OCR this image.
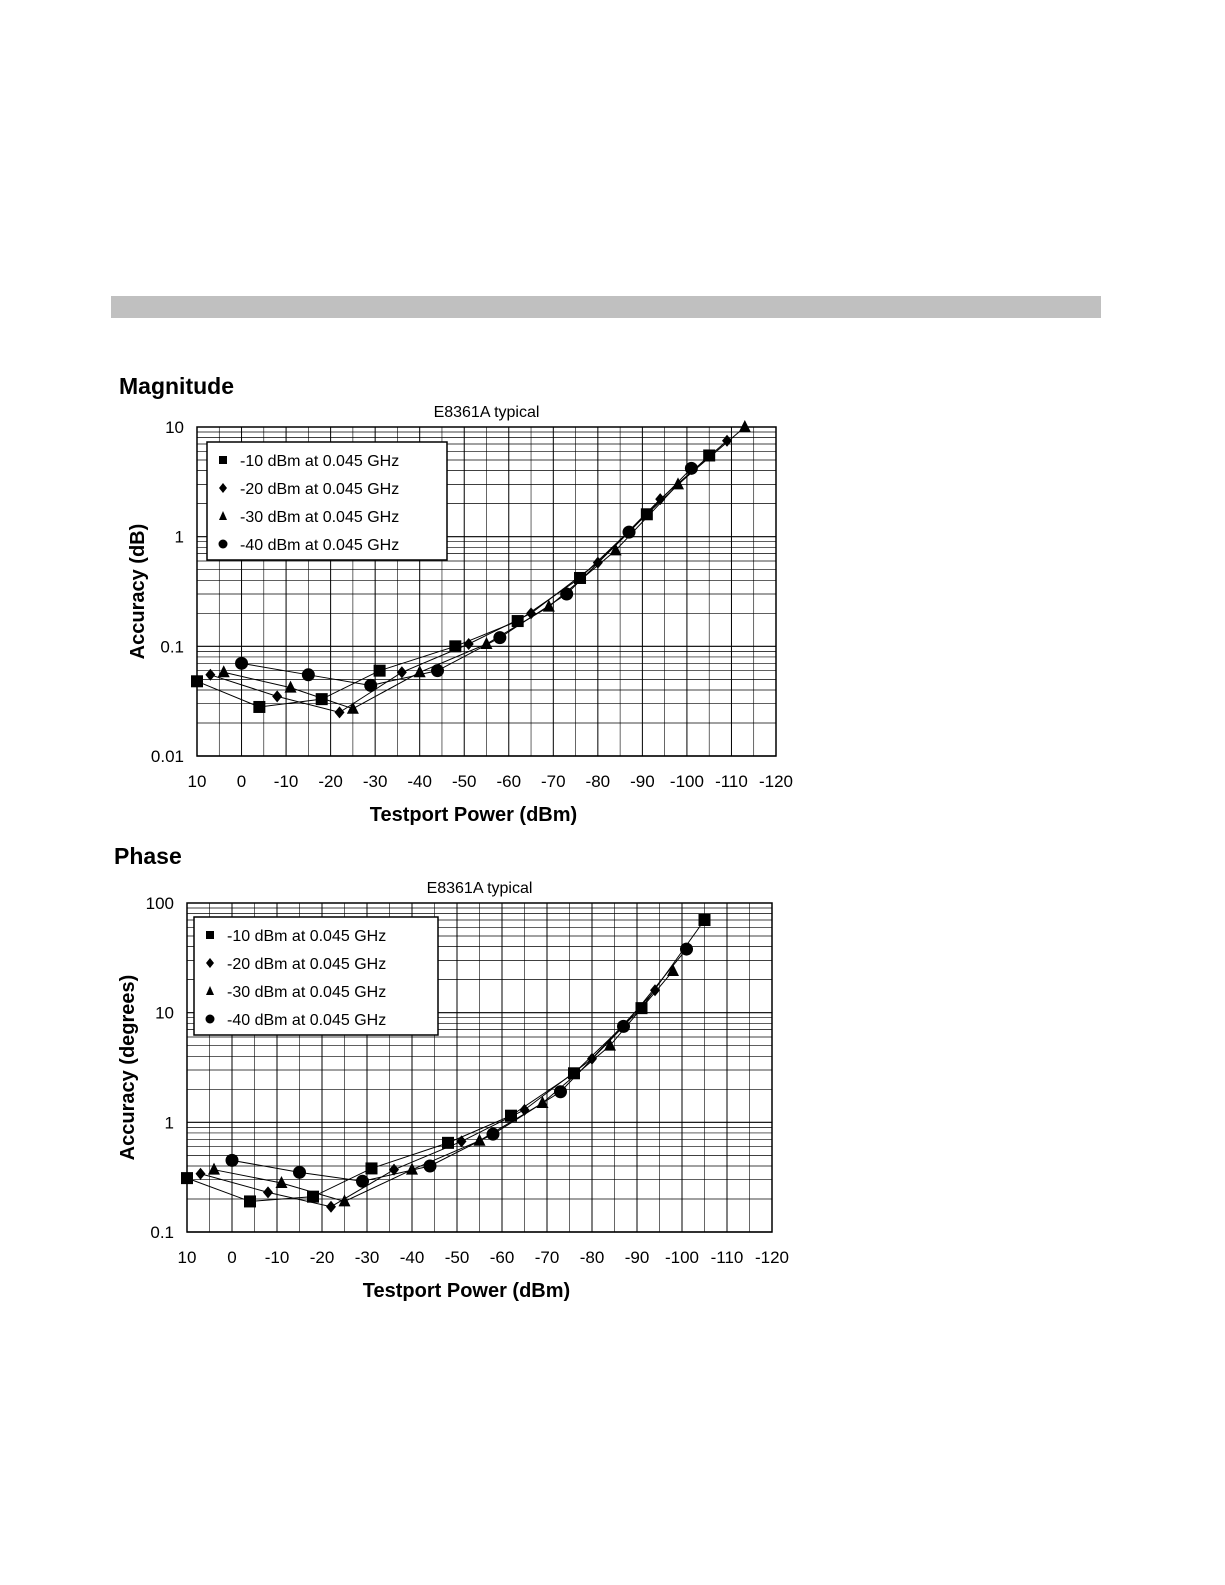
Magnitude
Phase
E8361A typical
10 0 -10 -20 -30 -40 -50 -60 -70 -80 -90 -100 -110 -120
0.01
0.1
1
10
Testport Power (dBm)
Accuracy (dB)
-10 dBm at 0.045 GHz
-20 dBm at 0.045 GHz
-30 dBm at 0.045 GHz
-40 dBm at 0.045 GHz
E8361A typical
10 0 -10 -20 -30 -40 -50 -60 -70 -80 -90 -100 -110 -120
0.1
1
10
100
Testport Power (dBm)
Accuracy (degrees)
-10 dBm at 0.045 GHz
-20 dBm at 0.045 GHz
-30 dBm at 0.045 GHz
-40 dBm at 0.045 GHz
